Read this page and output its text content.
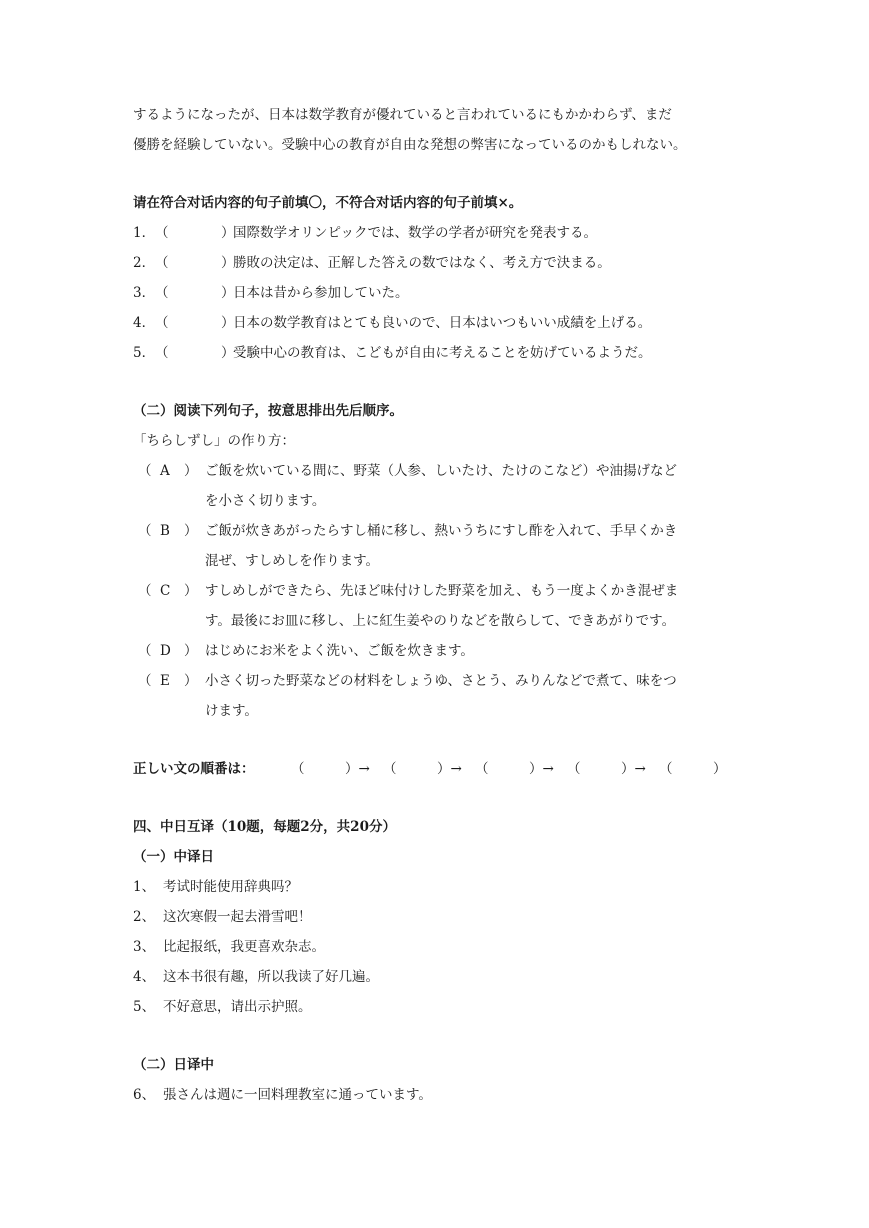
するようになったが、日本は数学教育が優れていると言われているにもかかわらず、まだ
優勝を経験していない。受験中心の教育が自由な発想の弊害になっているのかもしれない。
请在符合对话内容的句子前填〇，不符合对话内容的句子前填×。
1． （	）
国際数学オリンピックでは、数学の学者が研究を発表する。
2． （	）
勝敗の決定は、正解した答えの数ではなく、考え方で決まる。
3． （	）
日本は昔から参加していた。
4． （	）
日本の数学教育はとても良いので、日本はいつもいい成績を上げる。
5． （	）
受験中心の教育は、こどもが自由に考えることを妨げているようだ。
（二）阅读下列句子，按意思排出先后顺序。
「ちらしずし」の作り方：
（ A	） ご飯を炊いている間に、野菜（人参、しいたけ、たけのこなど）や油揚げなど
を小さく切ります。
（ B	） ご飯が炊きあがったらすし桶に移し、熱いうちにすし酢を入れて、手早くかき
混ぜ、すしめしを作ります。
（ C	） すしめしができたら、先ほど味付けした野菜を加え、もう一度よくかき混ぜま
す。最後にお皿に移し、上に紅生姜やのりなどを散らして、できあがりです。
（ D ） はじめにお米をよく洗い、ご飯を炊きます。
（ E	） 小さく切った野菜などの材料をしょうゆ、さとう、みりんなどで煮て、味をつ
けます。
正しい文の順番は：	（　　　）→ （　　　）→ （　　　）→ （　　　）→ （　　　）
四、中日互译（10题，每题2分，共20分）
（一）中译日
1、 考试时能使用辞典吗？
2、 这次寒假一起去滑雪吧！
3、 比起报纸，我更喜欢杂志。
4、 这本书很有趣，所以我读了好几遍。
5、 不好意思，请出示护照。
（二）日译中
6、 張さんは週に一回料理教室に通っています。
